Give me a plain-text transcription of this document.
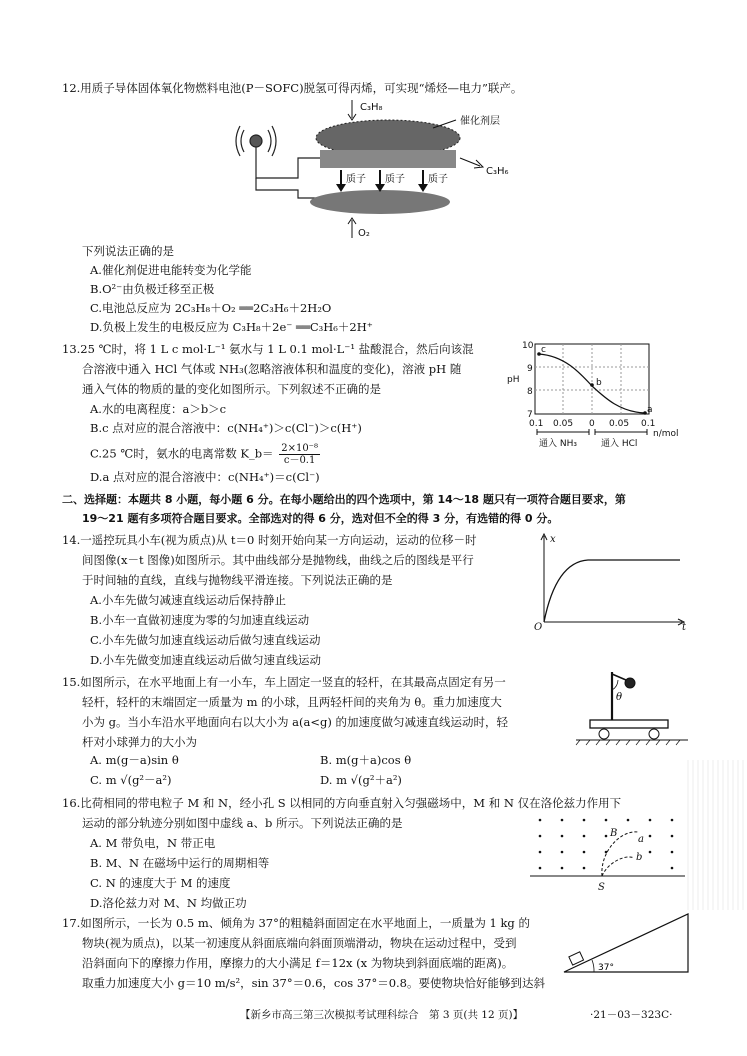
12.用质子导体固体氧化物燃料电池(P－SOFC)脱氢可得丙烯，可实现“烯烃—电力”联产。
质子 质子 质子
C₃H₈
催化剂层
C₃H₆
O₂
下列说法正确的是
A.催化剂促进电能转变为化学能
B.O²⁻由负极迁移至正极
C.电池总反应为 2C₃H₈＋O₂ ══2C₃H₆＋2H₂O
D.负极上发生的电极反应为 C₃H₈＋2e⁻ ══C₃H₆＋2H⁺
13.25 ℃时，将 1 L c mol·L⁻¹ 氨水与 1 L 0.1 mol·L⁻¹ 盐酸混合，然后向该混
合溶液中通入 HCl 气体或 NH₃(忽略溶液体积和温度的变化)，溶液 pH 随
通入气体的物质的量的变化如图所示。下列叙述不正确的是
A.水的电离程度：a＞b＞c
B.c 点对应的混合溶液中：c(NH₄⁺)＞c(Cl⁻)＞c(H⁺)
C.25 ℃时，氨水的电离常数 K_b＝ $\frac{\text{2×10⁻⁸}}{c-0.1}$
D.a 点对应的混合溶液中：c(NH₄⁺)＝c(Cl⁻)
10
9
8
7
pH
0.1 0.05 0 0.05 0.1
n/mol
c
b
a
通入 NH₃	通入 HCl
二、选择题：本题共 8 小题，每小题 6 分。在每小题给出的四个选项中，第 14～18 题只有一项符合题目要求，第
19～21 题有多项符合题目要求。全部选对的得 6 分，选对但不全的得 3 分，有选错的得 0 分。
14.一遥控玩具小车(视为质点)从 t＝0 时刻开始向某一方向运动，运动的位移－时
间图像(x－t 图像)如图所示。其中曲线部分是抛物线，曲线之后的图线是平行
于时间轴的直线，直线与抛物线平滑连接。下列说法正确的是
A.小车先做匀减速直线运动后保持静止
B.小车一直做初速度为零的匀加速直线运动
C.小车先做匀加速直线运动后做匀速直线运动
D.小车先做变加速直线运动后做匀速直线运动
x
t
O
15.如图所示，在水平地面上有一小车，车上固定一竖直的轻杆，在其最高点固定有另一
轻杆，轻杆的末端固定一质量为 m 的小球，且两轻杆间的夹角为 θ。重力加速度大
小为 g。当小车沿水平地面向右以大小为 a(a<g) 的加速度做匀减速直线运动时，轻
杆对小球弹力的大小为
A. m(g－a)sin θ	B. m(g＋a)cos θ
C. m √(g²－a²)	D. m √(g²＋a²)
θ
16.比荷相同的带电粒子 M 和 N，经小孔 S 以相同的方向垂直射入匀强磁场中，M 和 N 仅在洛伦兹力作用下
运动的部分轨迹分别如图中虚线 a、b 所示。下列说法正确的是
A. M 带负电，N 带正电
B. M、N 在磁场中运行的周期相等
C. N 的速度大于 M 的速度
D.洛伦兹力对 M、N 均做正功
B
a
b
S
17.如图所示，一长为 0.5 m、倾角为 37°的粗糙斜面固定在水平地面上，一质量为 1 kg 的
物块(视为质点)，以某一初速度从斜面底端向斜面顶端滑动，物块在运动过程中，受到
沿斜面向下的摩擦力作用，摩擦力的大小满足 f＝12x (x 为物块到斜面底端的距离)。
取重力加速度大小 g＝10 m/s²，sin 37°＝0.6，cos 37°＝0.8。要使物块恰好能够到达斜
37°
【新乡市高三第三次模拟考试理科综合　第 3 页(共 12 页)】	·21－03－323C·
